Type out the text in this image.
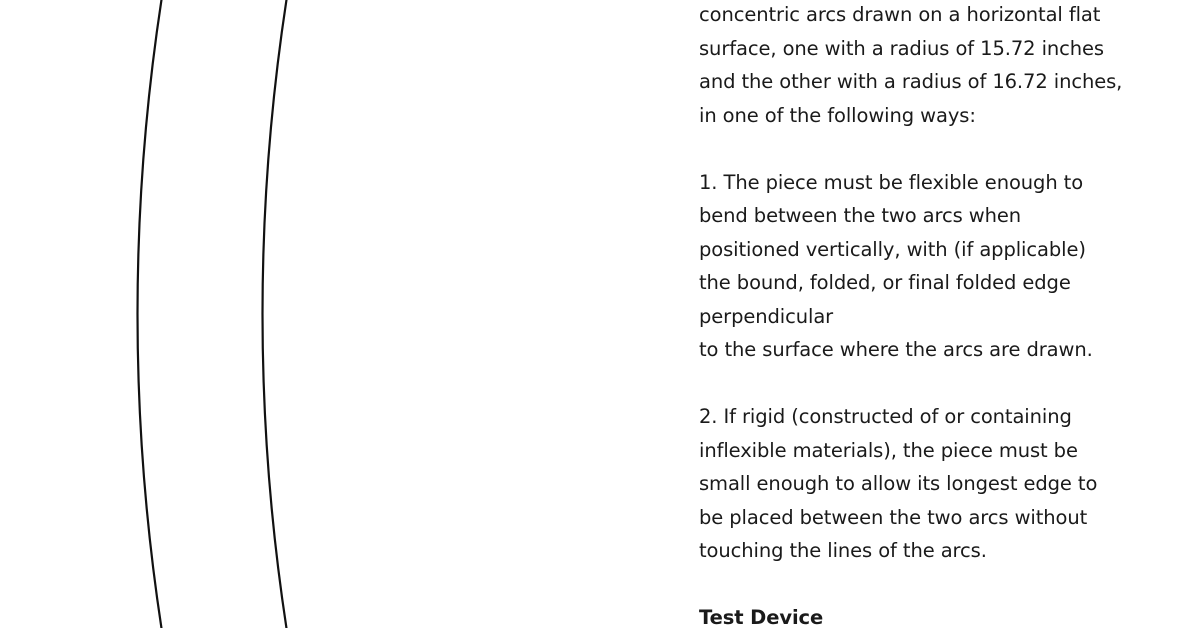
concentric arcs drawn on a horizontal flat
surface, one with a radius of 15.72 inches
and the other with a radius of 16.72 inches,
in one of the following ways:
1. The piece must be flexible enough to
bend between the two arcs when
positioned vertically, with (if applicable)
the bound, folded, or final folded edge
perpendicular
to the surface where the arcs are drawn.
2. If rigid (constructed of or containing
inflexible materials), the piece must be
small enough to allow its longest edge to
be placed between the two arcs without
touching the lines of the arcs.
Test Device
